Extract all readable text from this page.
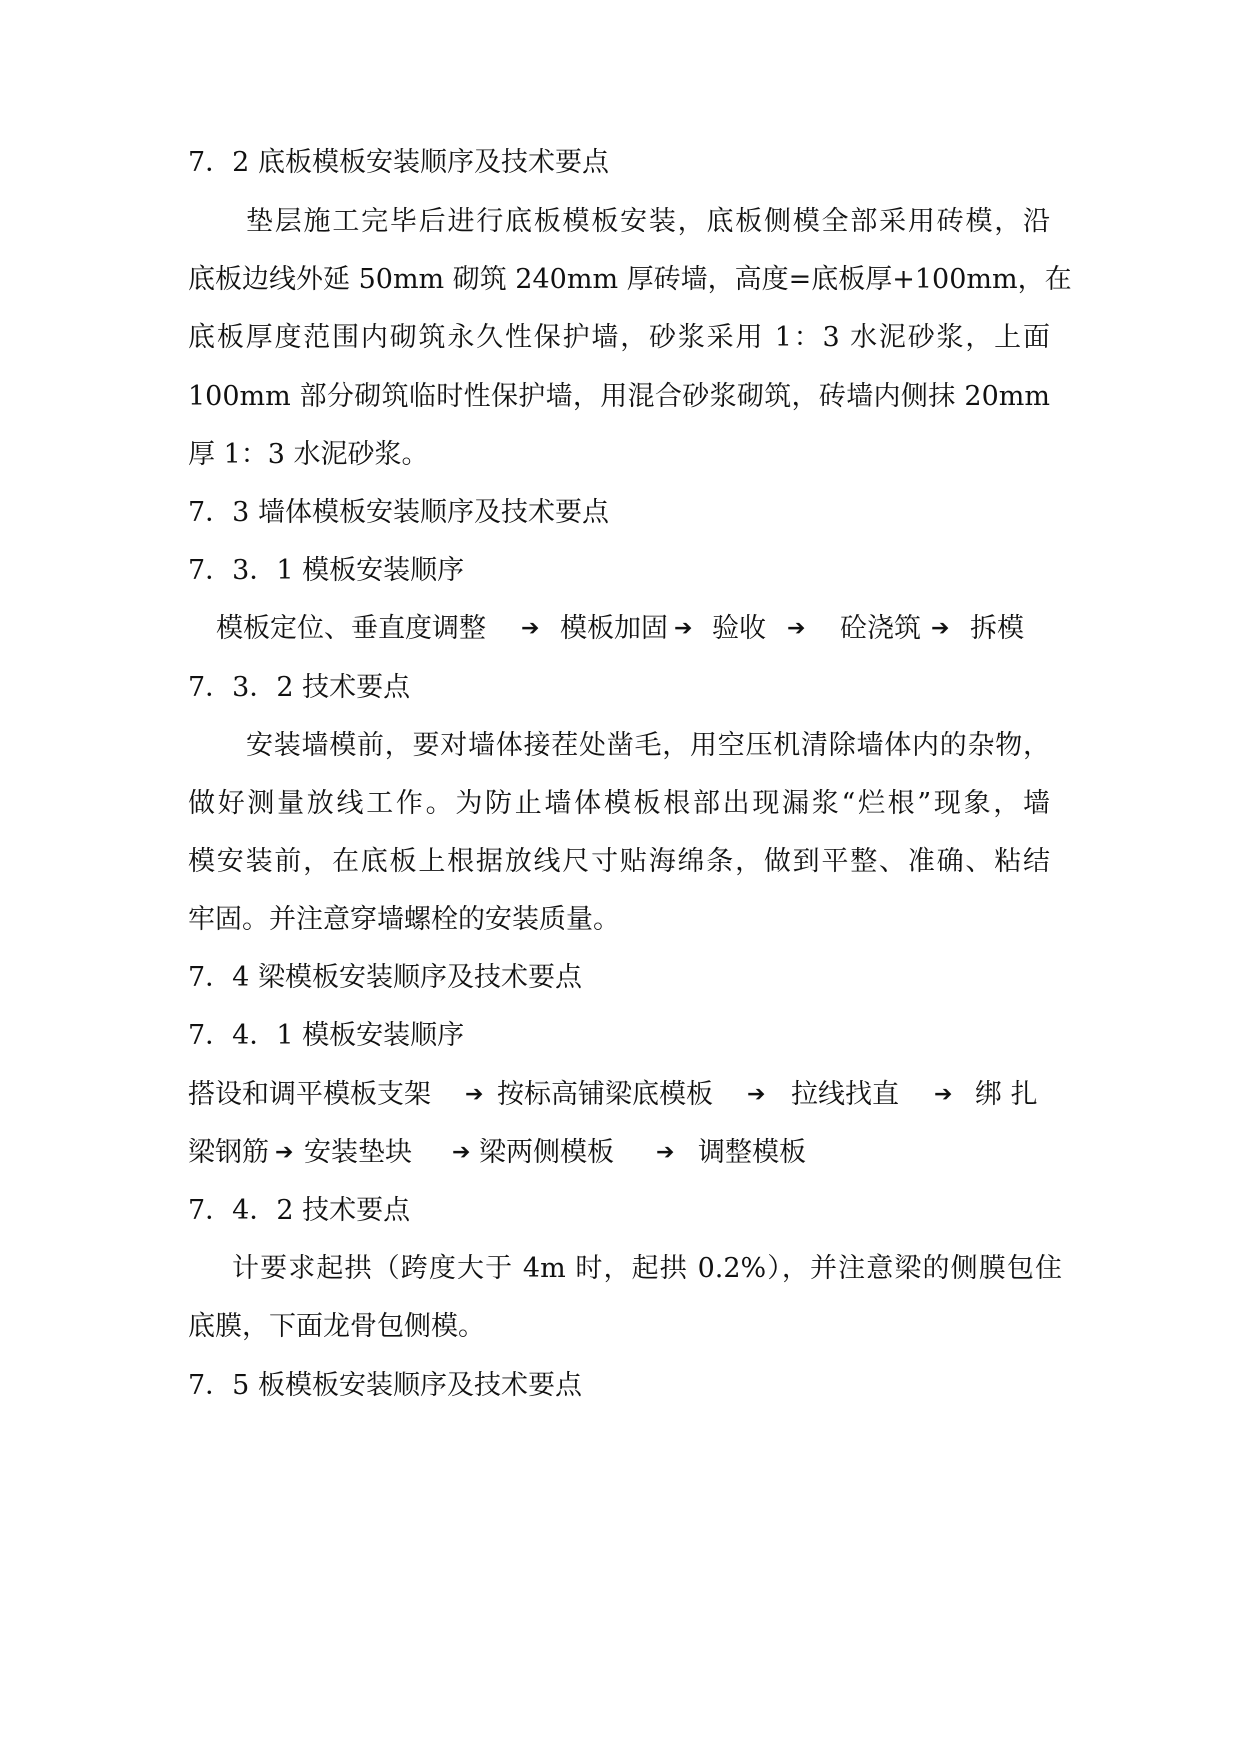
7．2 底板模板安装顺序及技术要点
垫层施工完毕后进行底板模板安装，底板侧模全部采用砖模，沿
底板边线外延 50mm 砌筑 240mm 厚砖墙，高度=底板厚+100mm，在
底板厚度范围内砌筑永久性保护墙，砂浆采用 1：3 水泥砂浆，上面
100mm 部分砌筑临时性保护墙，用混合砂浆砌筑，砖墙内侧抹 20mm
厚 1：3 水泥砂浆。
7．3 墙体模板安装顺序及技术要点
7．3．1 模板安装顺序
模板定位、垂直度调整 ➔ 模板加固 ➔ 验收 ➔ 砼浇筑 ➔ 拆模
7．3．2 技术要点
安装墙模前，要对墙体接茬处凿毛，用空压机清除墙体内的杂物，
做好测量放线工作。为防止墙体模板根部出现漏浆“烂根”现象，墙
模安装前，在底板上根据放线尺寸贴海绵条，做到平整、准确、粘结
牢固。并注意穿墙螺栓的安装质量。
7．4 梁模板安装顺序及技术要点
7．4．1 模板安装顺序
搭设和调平模板支架 ➔ 按标高铺梁底模板 ➔ 拉线找直 ➔ 绑 扎
梁钢筋 ➔ 安装垫块 ➔ 梁两侧模板 ➔ 调整模板
7．4．2 技术要点
计要求起拱（跨度大于 4m 时，起拱 0.2%），并注意梁的侧膜包住
底膜，下面龙骨包侧模。
7．5 板模板安装顺序及技术要点
